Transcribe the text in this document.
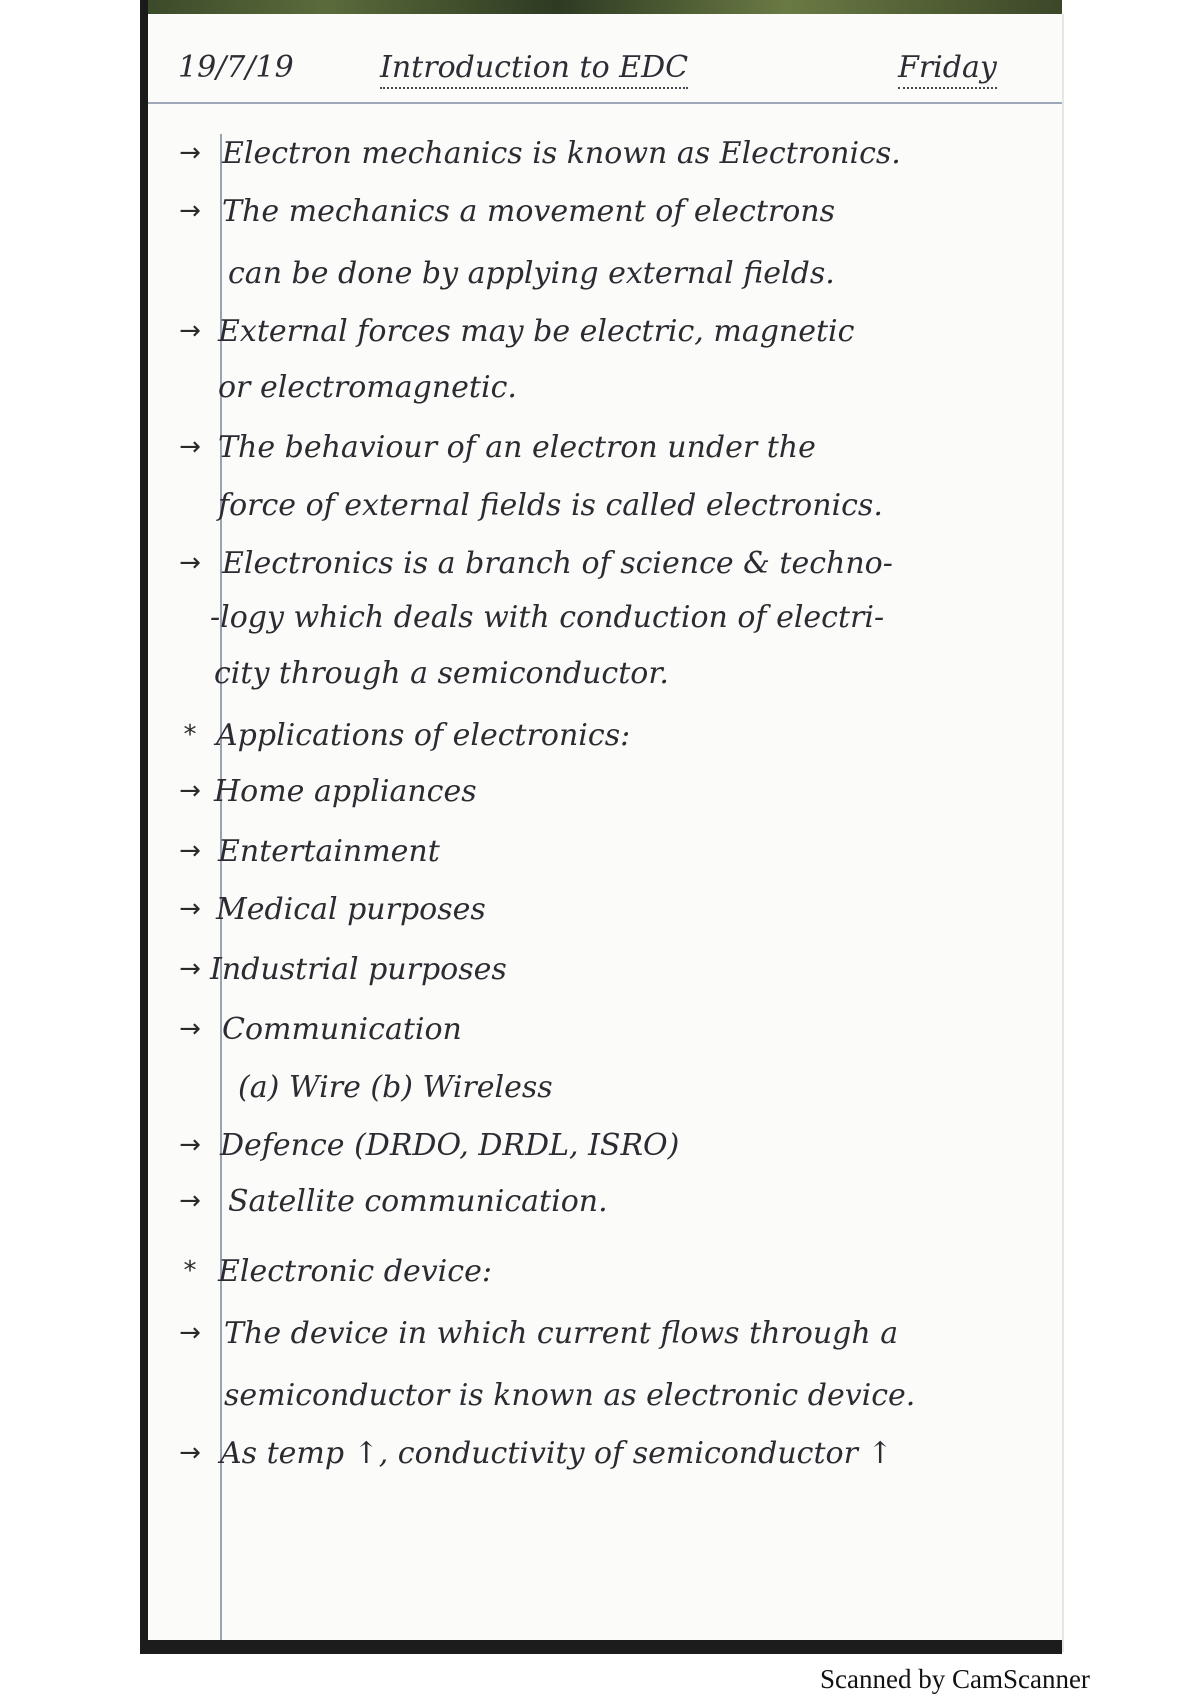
19/7/19	Introduction to EDC	Friday
→ Electron mechanics is known as Electronics.
→ The mechanics a movement of electrons
can be done by applying external fields.
→ External forces may be electric, magnetic
or electromagnetic.
→ The behaviour of an electron under the
force of external fields is called electronics.
→ Electronics is a branch of science & techno-
-logy which deals with conduction of electri-
city through a semiconductor.
* Applications of electronics:
→ Home appliances
→ Entertainment
→ Medical purposes
→ Industrial purposes
→ Communication
(a) Wire (b) Wireless
→ Defence (DRDO, DRDL, ISRO)
→ Satellite communication.
* Electronic device:
→ The device in which current flows through a
semiconductor is known as electronic device.
→ As temp ↑, conductivity of semiconductor ↑
Scanned by CamScanner
